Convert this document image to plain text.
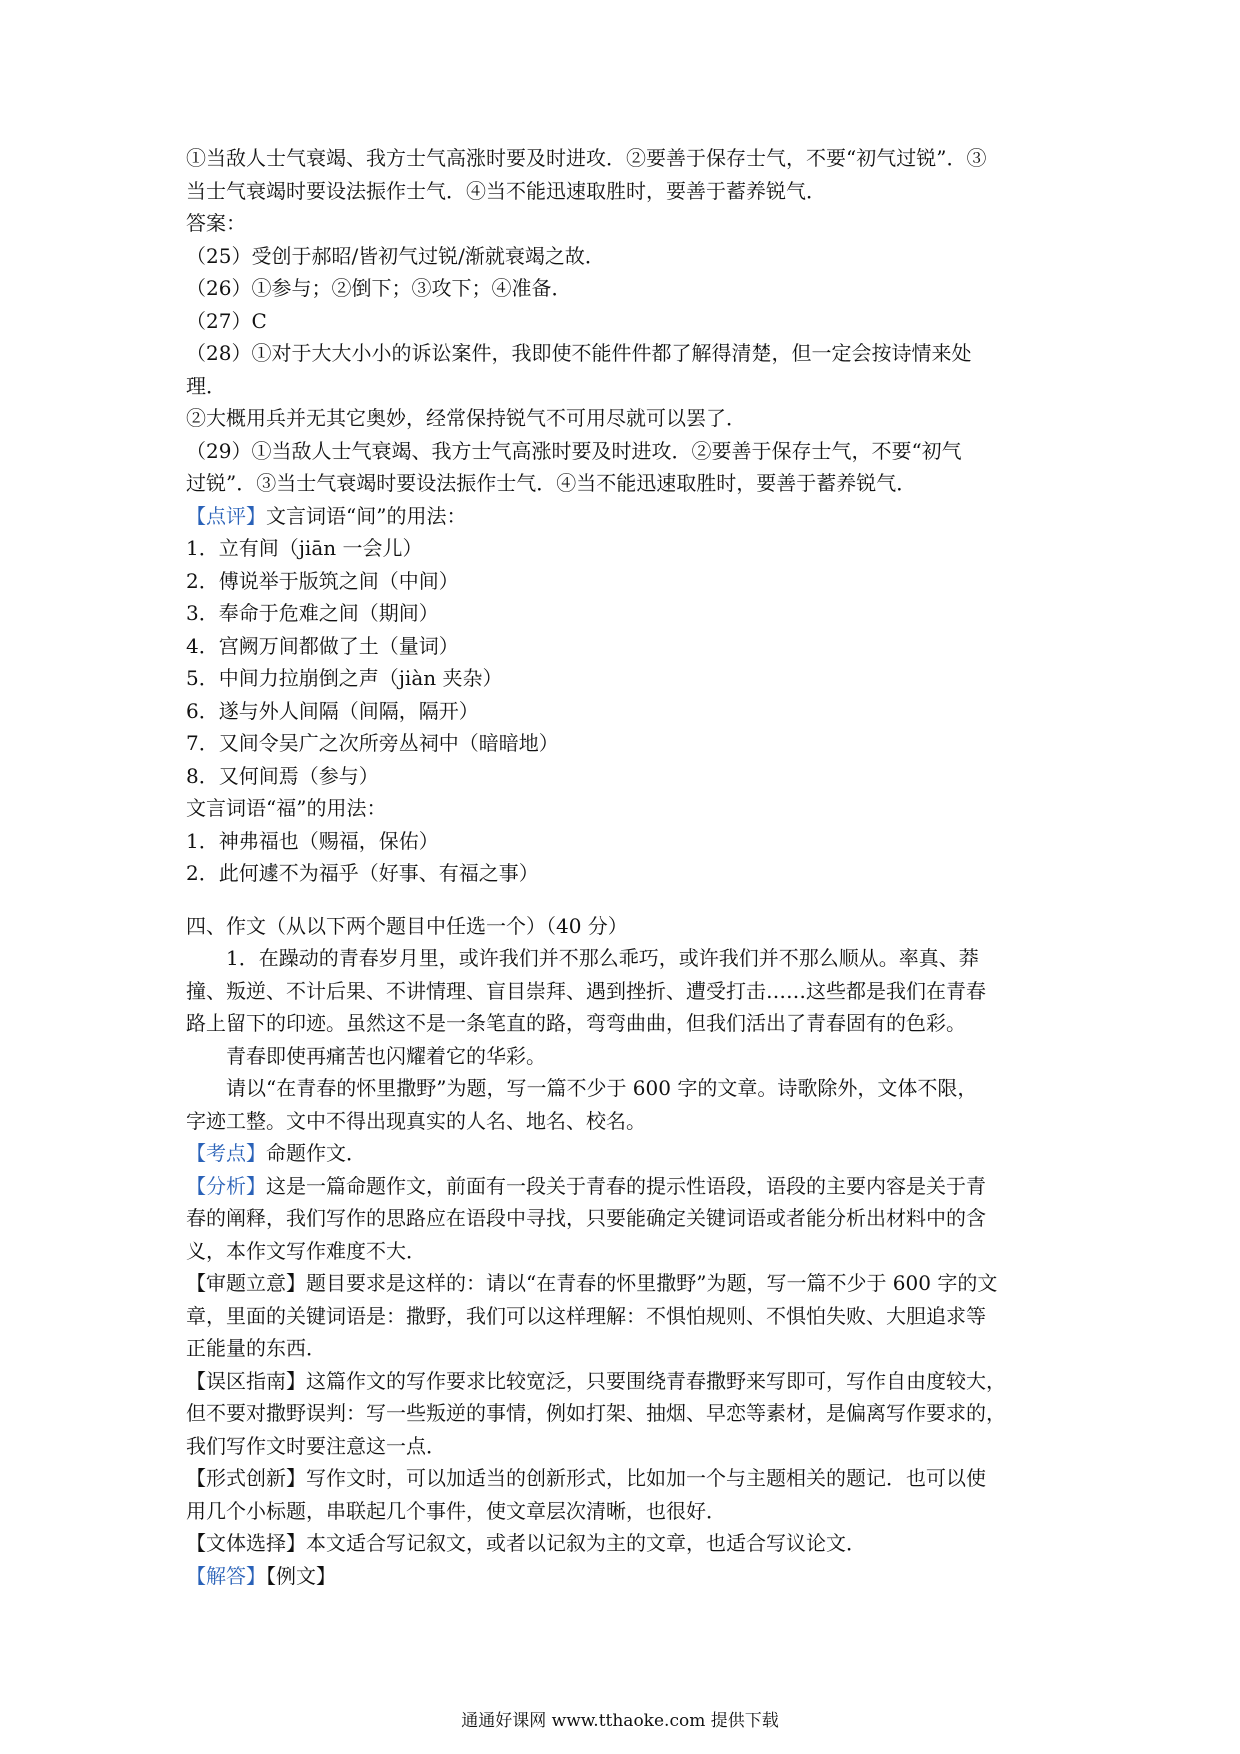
①当敌人士气衰竭、我方士气高涨时要及时进攻．②要善于保存士气，不要“初气过锐”．③
当士气衰竭时要设法振作士气．④当不能迅速取胜时，要善于蓄养锐气．
答案：
（25）受创于郝昭/皆初气过锐/渐就衰竭之故．
（26）①参与；②倒下；③攻下；④准备．
（27）C
（28）①对于大大小小的诉讼案件，我即使不能件件都了解得清楚，但一定会按诗情来处
理．
②大概用兵并无其它奥妙，经常保持锐气不可用尽就可以罢了．
（29）①当敌人士气衰竭、我方士气高涨时要及时进攻．②要善于保存士气，不要“初气
过锐”．③当士气衰竭时要设法振作士气．④当不能迅速取胜时，要善于蓄养锐气．
【点评】文言词语“间”的用法：
1．立有间（jiān 一会儿）
2．傅说举于版筑之间（中间）
3．奉命于危难之间（期间）
4．宫阙万间都做了土（量词）
5．中间力拉崩倒之声（jiàn 夹杂）
6．遂与外人间隔（间隔，隔开）
7．又间令吴广之次所旁丛祠中（暗暗地）
8．又何间焉（参与）
文言词语“福”的用法：
1．神弗福也（赐福，保佑）
2．此何遽不为福乎（好事、有福之事）
四、作文（从以下两个题目中任选一个）（40 分）
1．在躁动的青春岁月里，或许我们并不那么乖巧，或许我们并不那么顺从。率真、莽
撞、叛逆、不计后果、不讲情理、盲目崇拜、遇到挫折、遭受打击……这些都是我们在青春
路上留下的印迹。虽然这不是一条笔直的路，弯弯曲曲，但我们活出了青春固有的色彩。
青春即使再痛苦也闪耀着它的华彩。
请以“在青春的怀里撒野”为题，写一篇不少于 600 字的文章。诗歌除外，文体不限，
字迹工整。文中不得出现真实的人名、地名、校名。
【考点】命题作文．
【分析】这是一篇命题作文，前面有一段关于青春的提示性语段，语段的主要内容是关于青
春的阐释，我们写作的思路应在语段中寻找，只要能确定关键词语或者能分析出材料中的含
义，本作文写作难度不大．
【审题立意】题目要求是这样的：请以“在青春的怀里撒野”为题，写一篇不少于 600 字的文
章，里面的关键词语是：撒野，我们可以这样理解：不惧怕规则、不惧怕失败、大胆追求等
正能量的东西．
【误区指南】这篇作文的写作要求比较宽泛，只要围绕青春撒野来写即可，写作自由度较大，
但不要对撒野误判：写一些叛逆的事情，例如打架、抽烟、早恋等素材，是偏离写作要求的，
我们写作文时要注意这一点．
【形式创新】写作文时，可以加适当的创新形式，比如加一个与主题相关的题记．也可以使
用几个小标题，串联起几个事件，使文章层次清晰，也很好．
【文体选择】本文适合写记叙文，或者以记叙为主的文章，也适合写议论文．
【解答】【例文】
通通好课网 www.tthaoke.com 提供下载
